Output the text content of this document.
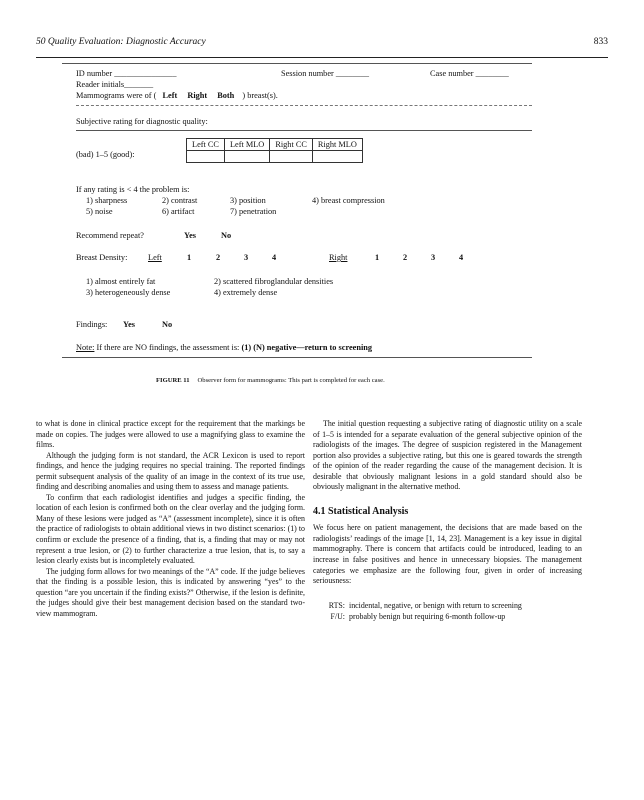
50 Quality Evaluation: Diagnostic Accuracy	833
ID number _______________	Session number ________	Case number ________
Reader initials_______
Mammograms were of ( Left Right Both ) breast(s).
Subjective rating for diagnostic quality:
Left CC	Left MLO	Right CC	Right MLO

(bad) 1–5 (good):
If any rating is < 4 the problem is:
1) sharpness	2) contrast	3) position	4) breast compression
5) noise	6) artifact	7) penetration
Recommend repeat?	Yes	No
Breast Density: Left	1	2	3	4	Right	1	2	3	4
1) almost entirely fat	2) scattered fibroglandular densities
3) heterogeneously dense	4) extremely dense
Findings: Yes	No
Note: If there are NO findings, the assessment is: (1) (N) negative—return to screening
FIGURE 11 Observer form for mammograms: This part is completed for each case.

to what is done in clinical practice except for the requirement that the markings be made on copies. The judges were allowed to use a magnifying glass to examine the films.

Although the judging form is not standard, the ACR Lexicon is used to report findings, and hence the judging requires no special training. The reported findings permit subsequent analysis of the quality of an image in the context of its true use, finding and describing anomalies and using them to assess and manage patients.

To confirm that each radiologist identifies and judges a specific finding, the location of each lesion is confirmed both on the clear overlay and the judging form. Many of these lesions were judged as “A” (assessment incomplete), since it is often the practice of radiologists to obtain additional views in two distinct scenarios: (1) to confirm or exclude the presence of a finding, that is, a finding that may or may not represent a true lesion, or (2) to further characterize a true lesion, that is, to say a lesion clearly exists but is incompletely evaluated.

The judging form allows for two meanings of the “A” code. If the judge believes that the finding is a possible lesion, this is indicated by answering “yes” to the question “are you uncertain if the finding exists?” Otherwise, if the lesion is definite, the judges should give their best management decision based on the standard two-view mammogram.

The initial question requesting a subjective rating of diagnostic utility on a scale of 1–5 is intended for a separate evaluation of the general subjective opinion of the radiologists of the images. The degree of suspicion registered in the Management portion also provides a subjective rating, but this one is geared towards the strength of the opinion of the reader regarding the cause of the management decision. It is desirable that obviously malignant lesions in a gold standard should also be obviously malignant in the alternative method.

4.1 Statistical Analysis

We focus here on patient management, the decisions that are made based on the radiologists’ readings of the image [1, 14, 23]. Management is a key issue in digital mammography. There is concern that artifacts could be introduced, leading to an increase in false positives and hence in unnecessary biopsies. The management categories we emphasize are the following four, given in order of increasing seriousness:

RTS: incidental, negative, or benign with return to screening
F/U: probably benign but requiring 6-month follow-up
